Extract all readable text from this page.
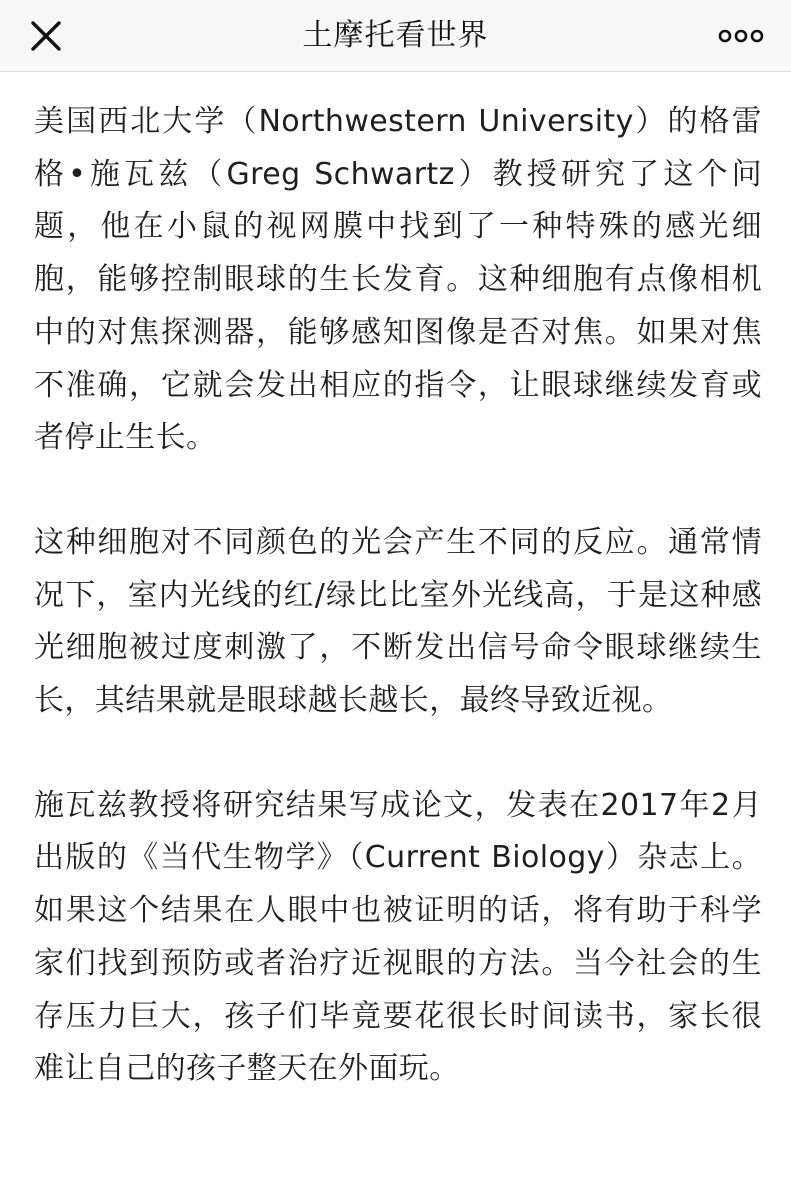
土摩托看世界

美国西北大学（Northwestern University）的格雷格•施瓦兹（Greg Schwartz）教授研究了这个问题，他在小鼠的视网膜中找到了一种特殊的感光细胞，能够控制眼球的生长发育。这种细胞有点像相机中的对焦探测器，能够感知图像是否对焦。如果对焦不准确，它就会发出相应的指令，让眼球继续发育或者停止生长。

这种细胞对不同颜色的光会产生不同的反应。通常情况下，室内光线的红/绿比比室外光线高，于是这种感光细胞被过度刺激了，不断发出信号命令眼球继续生长，其结果就是眼球越长越长，最终导致近视。

施瓦兹教授将研究结果写成论文，发表在2017年2月出版的《当代生物学》（Current Biology）杂志上。如果这个结果在人眼中也被证明的话，将有助于科学家们找到预防或者治疗近视眼的方法。当今社会的生存压力巨大，孩子们毕竟要花很长时间读书，家长很难让自己的孩子整天在外面玩。
